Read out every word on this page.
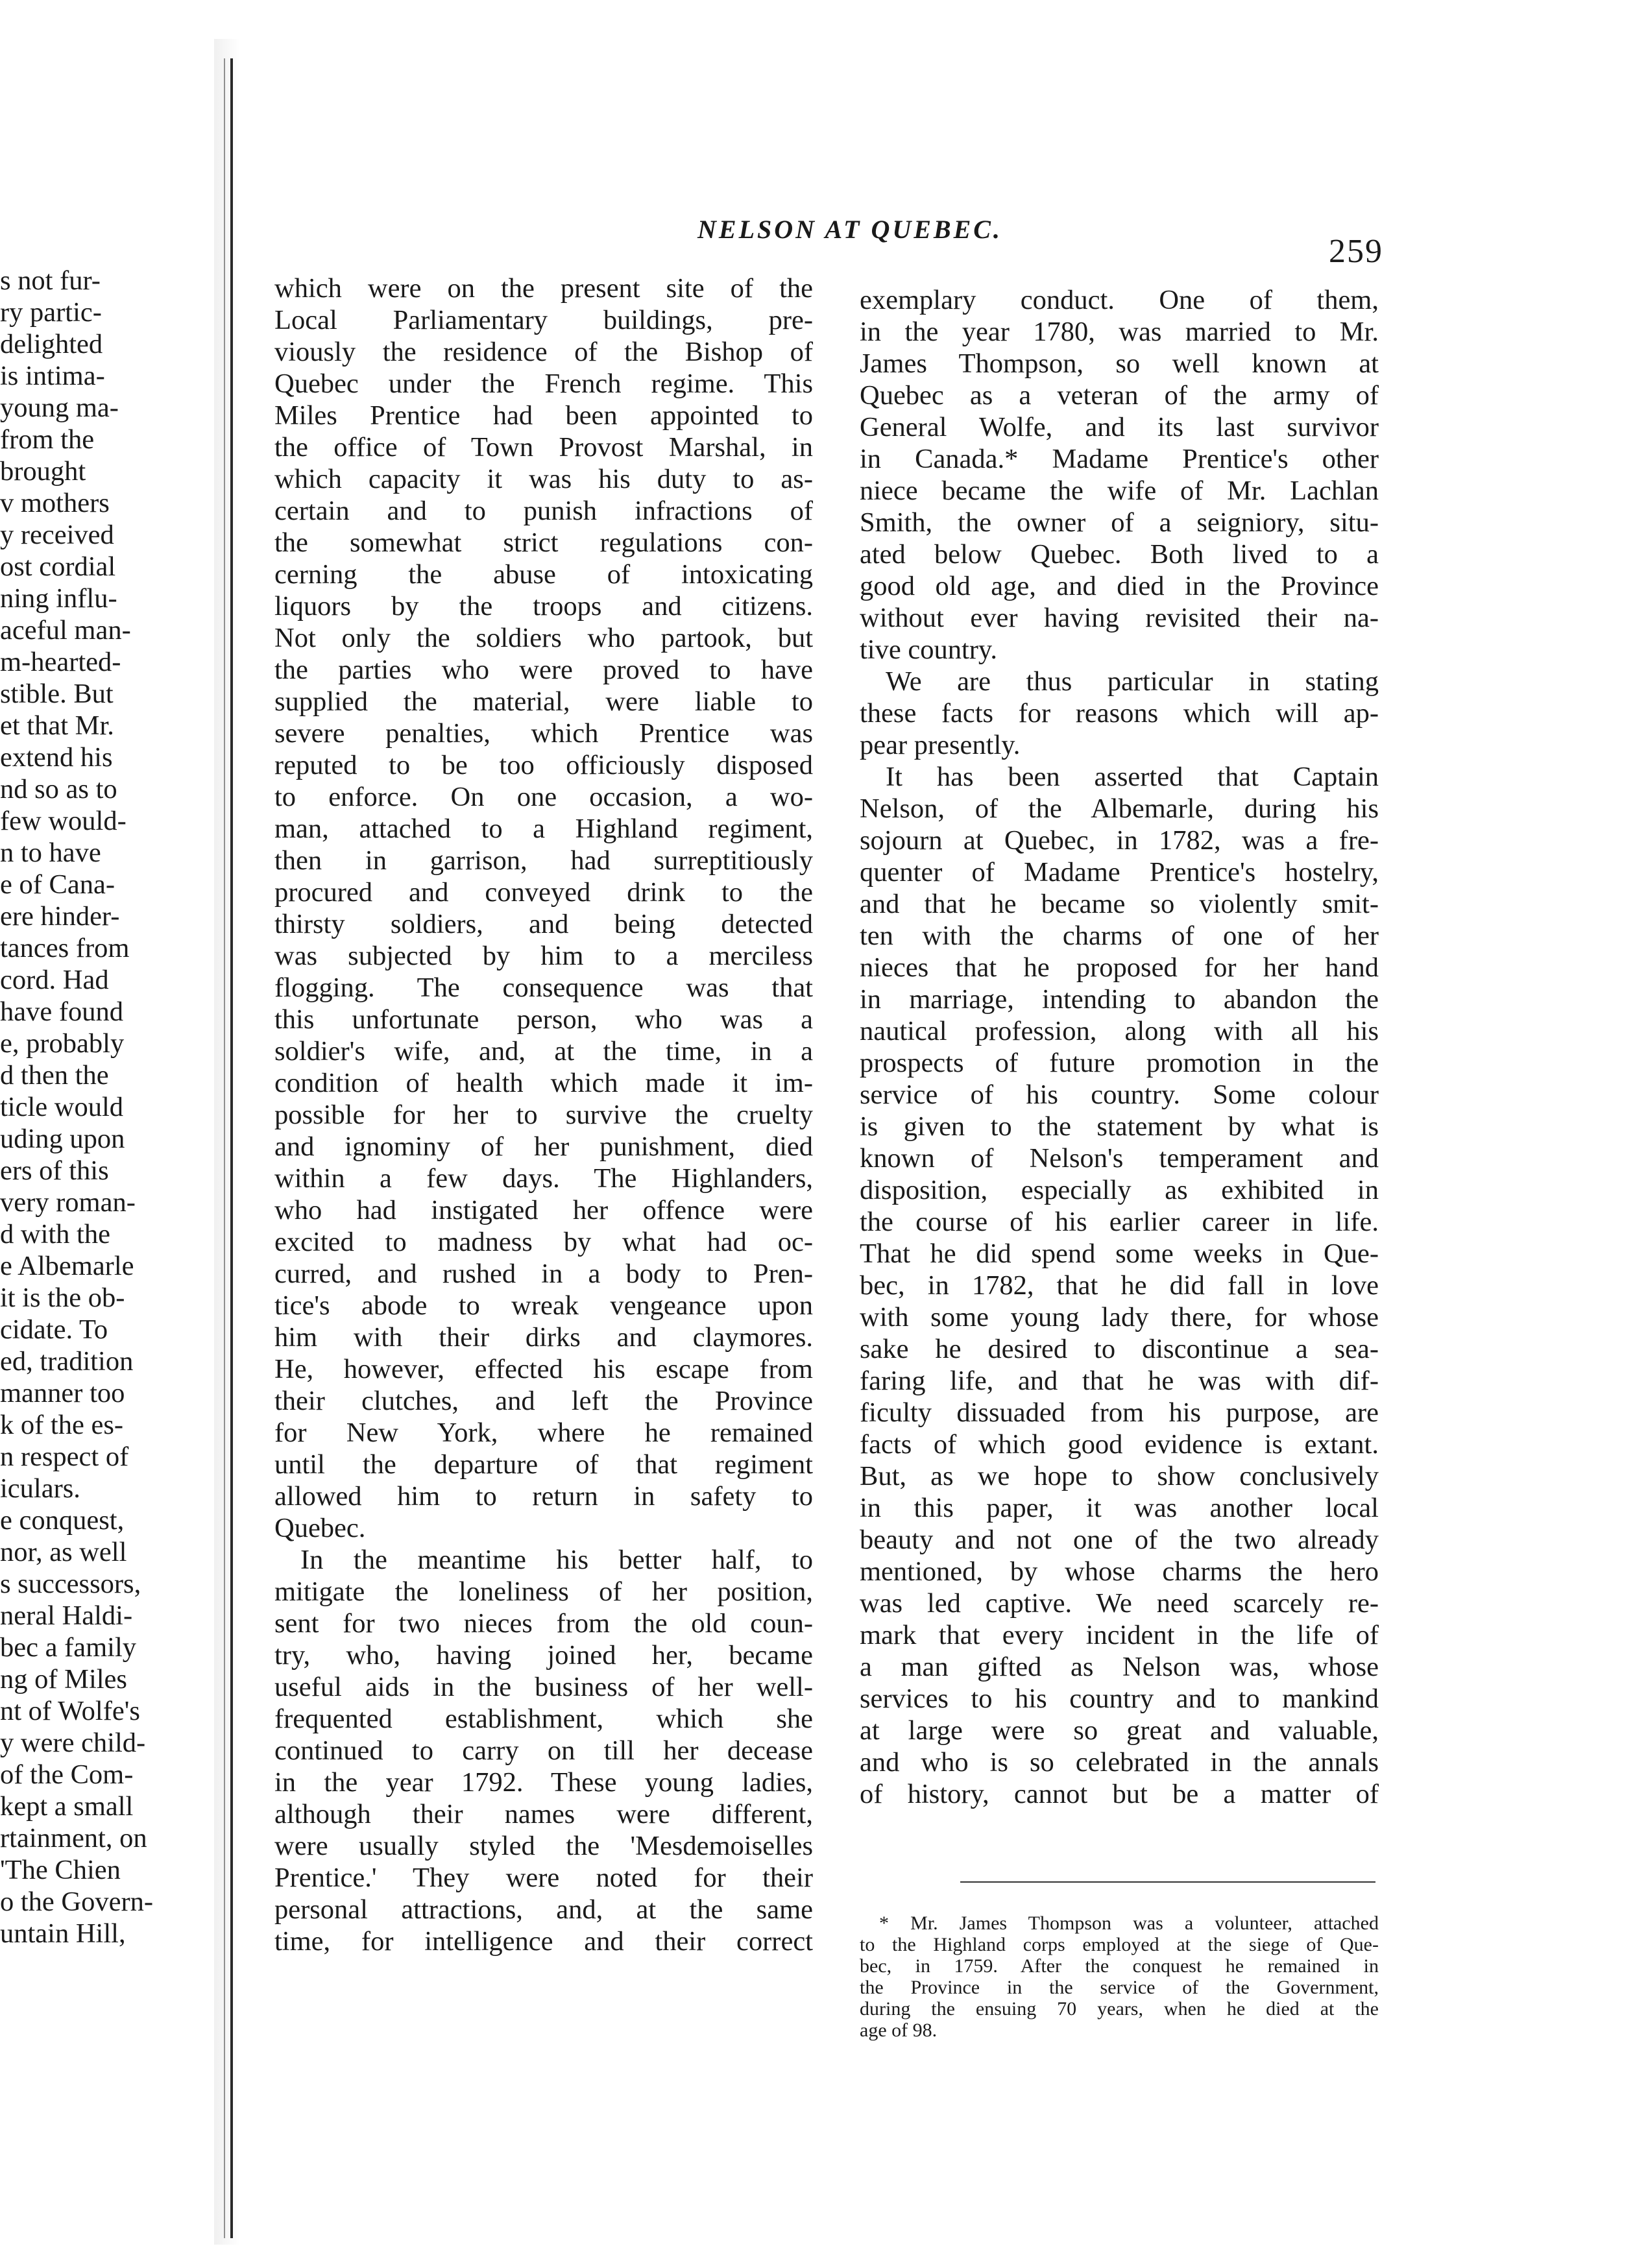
NELSON AT QUEBEC.
259
s not fur-
ry partic-
delighted
is intima-
young ma-
from the
brought
v mothers
y received
ost cordial
ning influ-
aceful man-
m-hearted-
stible. But
et that Mr.
extend his
nd so as to
few would-
n to have
e of Cana-
ere hinder-
tances from
cord. Had
have found
e, probably
d then the
ticle would
uding upon
ers of this
very roman-
d with the
e Albemarle
it is the ob-
cidate. To
ed, tradition
manner too
k of the es-
n respect of
iculars.
e conquest,
nor, as well
s successors,
neral Haldi-
bec a family
ng of Miles
nt of Wolfe's
y were child-
of the Com-
kept a small
rtainment, on
'The Chien
o the Govern-
untain Hill,
which were on the present site of the
Local Parliamentary buildings, pre-
viously the residence of the Bishop of
Quebec under the French regime. This
Miles Prentice had been appointed to
the office of Town Provost Marshal, in
which capacity it was his duty to as-
certain and to punish infractions of
the somewhat strict regulations con-
cerning the abuse of intoxicating
liquors by the troops and citizens.
Not only the soldiers who partook, but
the parties who were proved to have
supplied the material, were liable to
severe penalties, which Prentice was
reputed to be too officiously disposed
to enforce. On one occasion, a wo-
man, attached to a Highland regiment,
then in garrison, had surreptitiously
procured and conveyed drink to the
thirsty soldiers, and being detected
was subjected by him to a merciless
flogging. The consequence was that
this unfortunate person, who was a
soldier's wife, and, at the time, in a
condition of health which made it im-
possible for her to survive the cruelty
and ignominy of her punishment, died
within a few days. The Highlanders,
who had instigated her offence were
excited to madness by what had oc-
curred, and rushed in a body to Pren-
tice's abode to wreak vengeance upon
him with their dirks and claymores.
He, however, effected his escape from
their clutches, and left the Province
for New York, where he remained
until the departure of that regiment
allowed him to return in safety to
Quebec.
In the meantime his better half, to
mitigate the loneliness of her position,
sent for two nieces from the old coun-
try, who, having joined her, became
useful aids in the business of her well-
frequented establishment, which she
continued to carry on till her decease
in the year 1792. These young ladies,
although their names were different,
were usually styled the 'Mesdemoiselles
Prentice.' They were noted for their
personal attractions, and, at the same
time, for intelligence and their correct
exemplary conduct. One of them,
in the year 1780, was married to Mr.
James Thompson, so well known at
Quebec as a veteran of the army of
General Wolfe, and its last survivor
in Canada.* Madame Prentice's other
niece became the wife of Mr. Lachlan
Smith, the owner of a seigniory, situ-
ated below Quebec. Both lived to a
good old age, and died in the Province
without ever having revisited their na-
tive country.
We are thus particular in stating
these facts for reasons which will ap-
pear presently.
It has been asserted that Captain
Nelson, of the Albemarle, during his
sojourn at Quebec, in 1782, was a fre-
quenter of Madame Prentice's hostelry,
and that he became so violently smit-
ten with the charms of one of her
nieces that he proposed for her hand
in marriage, intending to abandon the
nautical profession, along with all his
prospects of future promotion in the
service of his country. Some colour
is given to the statement by what is
known of Nelson's temperament and
disposition, especially as exhibited in
the course of his earlier career in life.
That he did spend some weeks in Que-
bec, in 1782, that he did fall in love
with some young lady there, for whose
sake he desired to discontinue a sea-
faring life, and that he was with dif-
ficulty dissuaded from his purpose, are
facts of which good evidence is extant.
But, as we hope to show conclusively
in this paper, it was another local
beauty and not one of the two already
mentioned, by whose charms the hero
was led captive. We need scarcely re-
mark that every incident in the life of
a man gifted as Nelson was, whose
services to his country and to mankind
at large were so great and valuable,
and who is so celebrated in the annals
of history, cannot but be a matter of
* Mr. James Thompson was a volunteer, attached
to the Highland corps employed at the siege of Que-
bec, in 1759. After the conquest he remained in
the Province in the service of the Government,
during the ensuing 70 years, when he died at the
age of 98.
